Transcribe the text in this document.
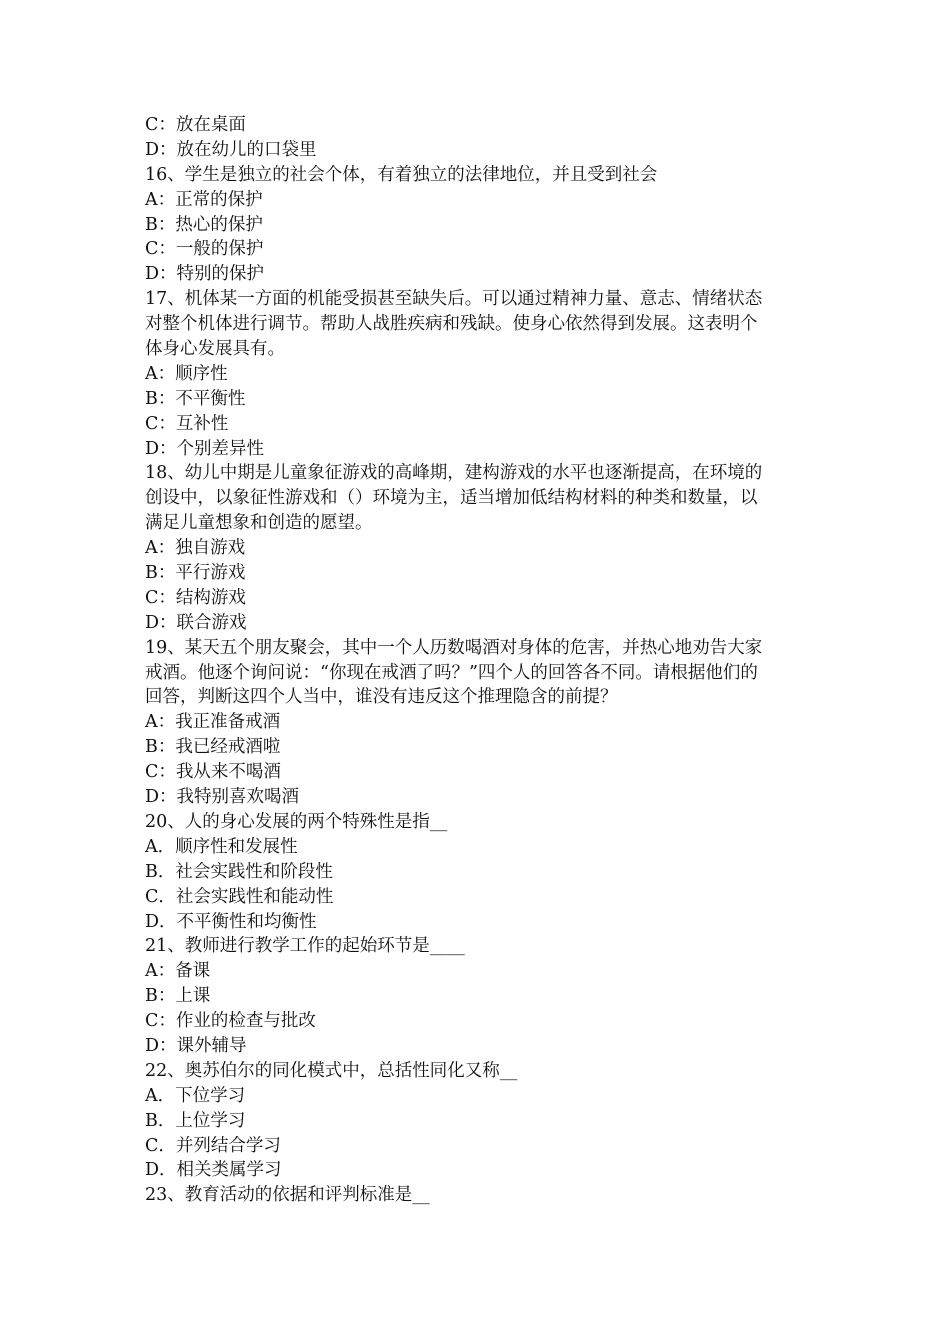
C：放在桌面
D：放在幼儿的口袋里
16、学生是独立的社会个体，有着独立的法律地位，并且受到社会
A：正常的保护
B：热心的保护
C：一般的保护
D：特别的保护
17、机体某一方面的机能受损甚至缺失后。可以通过精神力量、意志、情绪状态
对整个机体进行调节。帮助人战胜疾病和残缺。使身心依然得到发展。这表明个
体身心发展具有。
A：顺序性
B：不平衡性
C：互补性
D：个别差异性
18、幼儿中期是儿童象征游戏的高峰期，建构游戏的水平也逐渐提高，在环境的
创设中，以象征性游戏和（）环境为主，适当增加低结构材料的种类和数量，以
满足儿童想象和创造的愿望。
A：独自游戏
B：平行游戏
C：结构游戏
D：联合游戏
19、某天五个朋友聚会，其中一个人历数喝酒对身体的危害，并热心地劝告大家
戒酒。他逐个询问说：“你现在戒酒了吗？”四个人的回答各不同。请根据他们的
回答，判断这四个人当中，谁没有违反这个推理隐含的前提？
A：我正准备戒酒
B：我已经戒酒啦
C：我从来不喝酒
D：我特别喜欢喝酒
20、人的身心发展的两个特殊性是指__
A．顺序性和发展性
B．社会实践性和阶段性
C．社会实践性和能动性
D．不平衡性和均衡性
21、教师进行教学工作的起始环节是____
A：备课
B：上课
C：作业的检查与批改
D：课外辅导
22、奥苏伯尔的同化模式中，总括性同化又称__
A．下位学习
B．上位学习
C．并列结合学习
D．相关类属学习
23、教育活动的依据和评判标准是__
